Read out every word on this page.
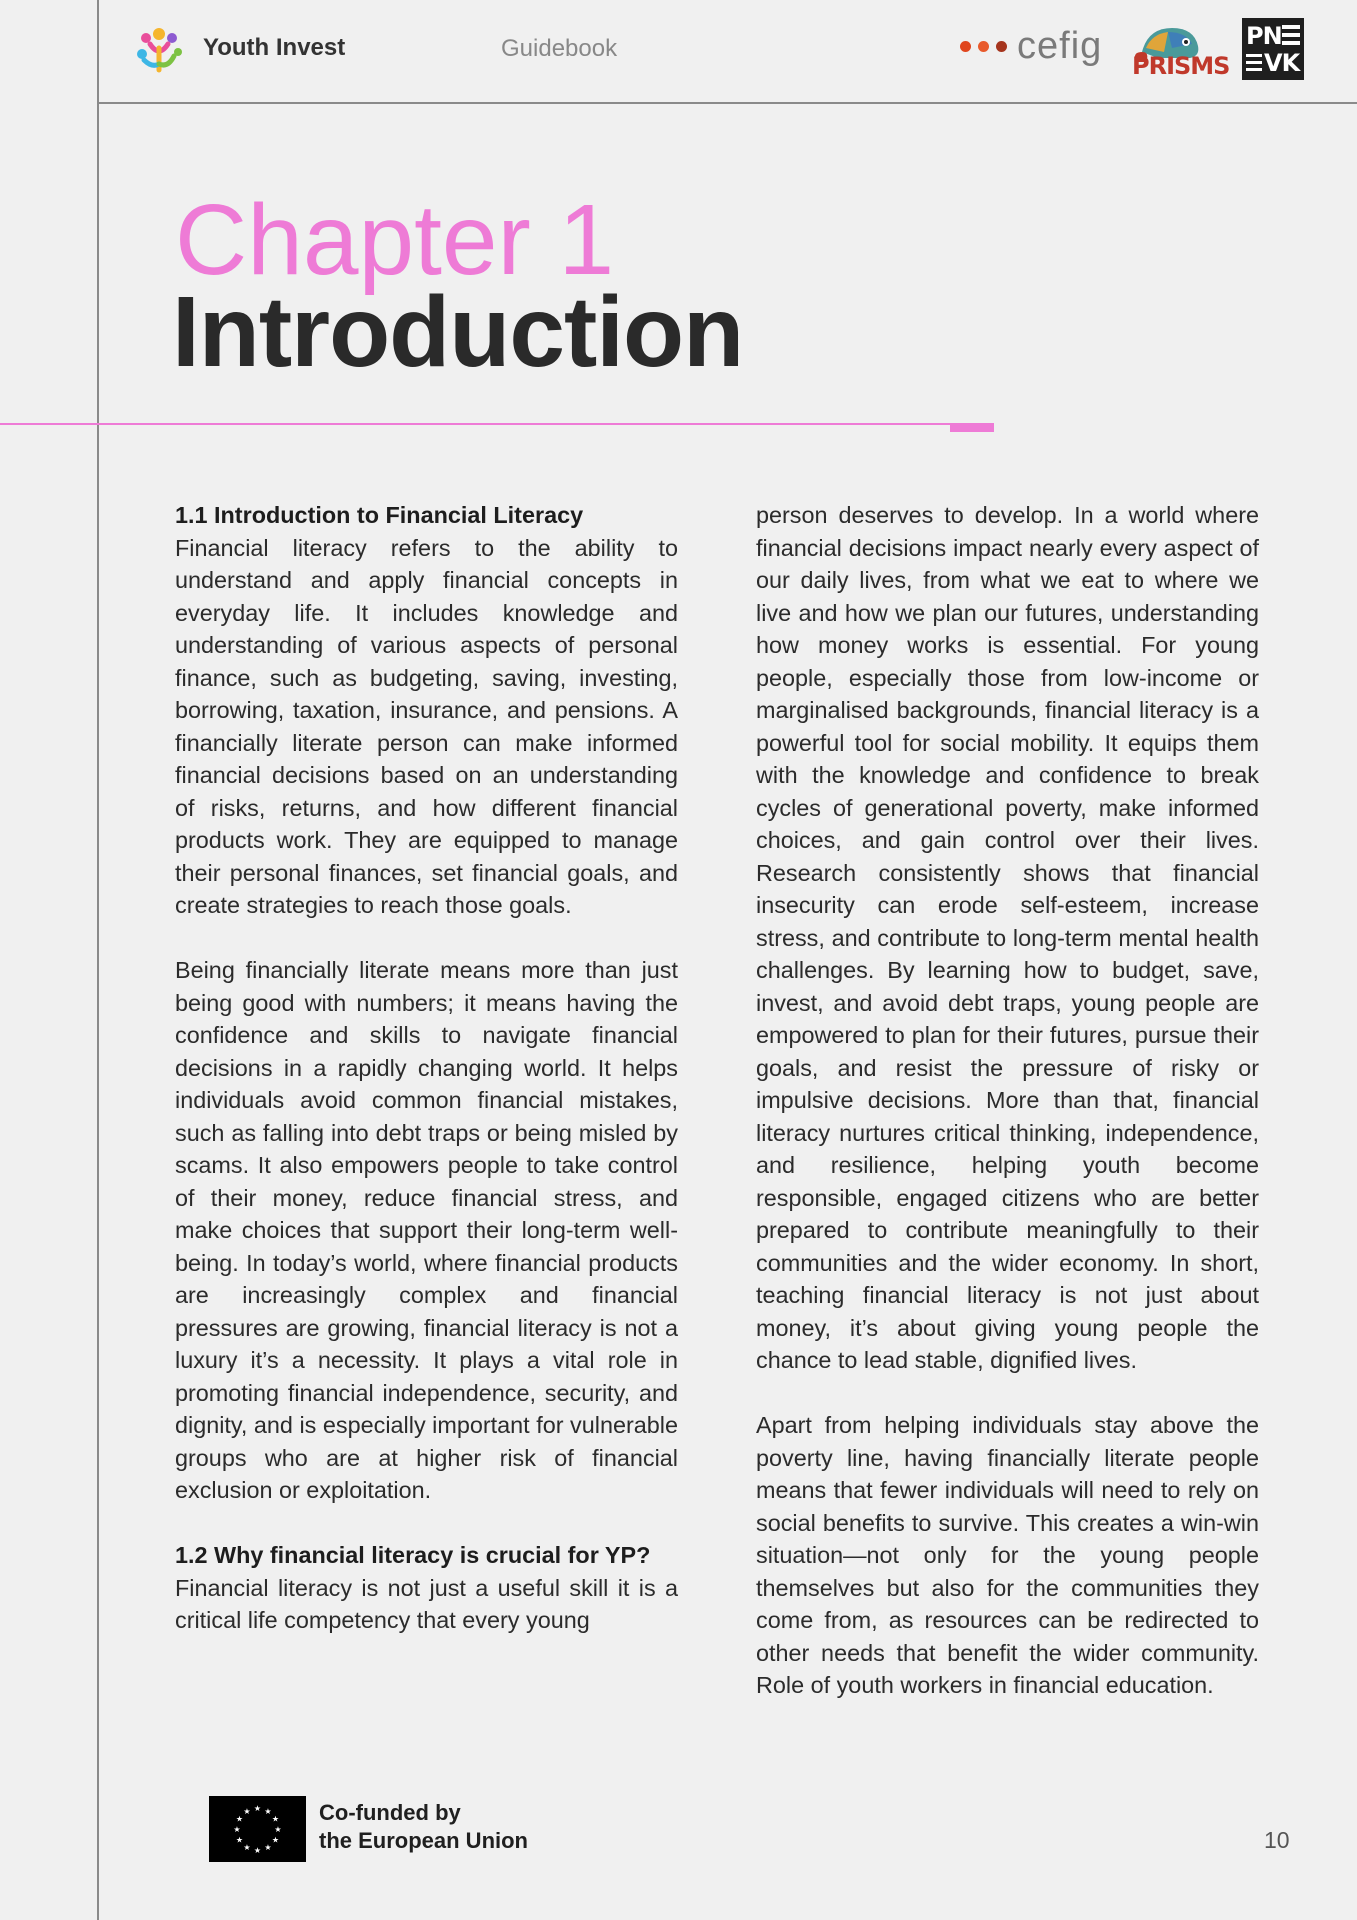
Youth Invest	Guidebook	cefig PRISMS
PN
VK
Chapter 1
Introduction
1.1 Introduction to Financial Literacy

Financial literacy refers to the ability to understand and apply financial concepts in everyday life. It includes knowledge and understanding of various aspects of personal finance, such as budgeting, saving, investing, borrowing, taxation, insurance, and pensions. A financially literate person can make informed financial decisions based on an understanding of risks, returns, and how different financial products work. They are equipped to manage their personal finances, set financial goals, and create strategies to reach those goals.

Being financially literate means more than just being good with numbers; it means having the confidence and skills to navigate financial decisions in a rapidly changing world. It helps individuals avoid common financial mistakes, such as falling into debt traps or being misled by scams. It also empowers people to take control of their money, reduce financial stress, and make choices that support their long-term well-being. In today’s world, where financial products are increasingly complex and financial pressures are growing, financial literacy is not a luxury it’s a necessity. It plays a vital role in promoting financial independence, security, and dignity, and is especially important for vulnerable groups who are at higher risk of financial exclusion or exploitation.

1.2 Why financial literacy is crucial for YP?

Financial literacy is not just a useful skill it is a critical life competency that every young

person deserves to develop. In a world where financial decisions impact nearly every aspect of our daily lives, from what we eat to where we live and how we plan our futures, understanding how money works is essential. For young people, especially those from low-income or marginalised backgrounds, financial literacy is a powerful tool for social mobility. It equips them with the knowledge and confidence to break cycles of generational poverty, make informed choices, and gain control over their lives. Research consistently shows that financial insecurity can erode self-esteem, increase stress, and contribute to long-term mental health challenges. By learning how to budget, save, invest, and avoid debt traps, young people are empowered to plan for their futures, pursue their goals, and resist the pressure of risky or impulsive decisions. More than that, financial literacy nurtures critical thinking, independence, and resilience, helping youth become responsible, engaged citizens who are better prepared to contribute meaningfully to their communities and the wider economy. In short, teaching financial literacy is not just about money, it’s about giving young people the chance to lead stable, dignified lives.

Apart from helping individuals stay above the poverty line, having financially literate people means that fewer individuals will need to rely on social benefits to survive. This creates a win-win situation—not only for the young people themselves but also for the communities they come from, as resources can be redirected to other needs that benefit the wider community. Role of youth workers in financial education.

★ ★
★
★
★
★
★
★
★
★
★
★	Co-funded by
the European Union	10
